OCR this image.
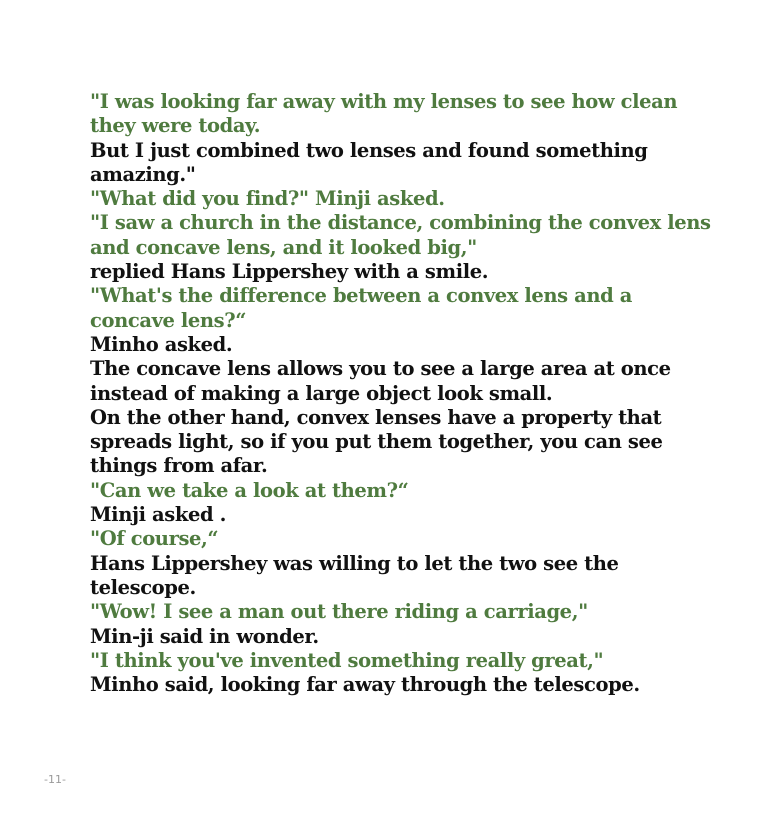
"I was looking far away with my lenses to see how clean

they were today.

But I just combined two lenses and found something

amazing."

"What did you find?" Minji asked.

"I saw a church in the distance, combining the convex lens

and concave lens, and it looked big,"

replied Hans Lippershey with a smile.

"What's the difference between a convex lens and a

concave lens?“

Minho asked.

The concave lens allows you to see a large area at once

instead of making a large object look small.

On the other hand, convex lenses have a property that

spreads light, so if you put them together, you can see

things from afar.

"Can we take a look at them?“

Minji asked .

"Of course,“

Hans Lippershey was willing to let the two see the

telescope.

"Wow! I see a man out there riding a carriage,"

Min-ji said in wonder.

"I think you've invented something really great,"

Minho said, looking far away through the telescope.

-11-
